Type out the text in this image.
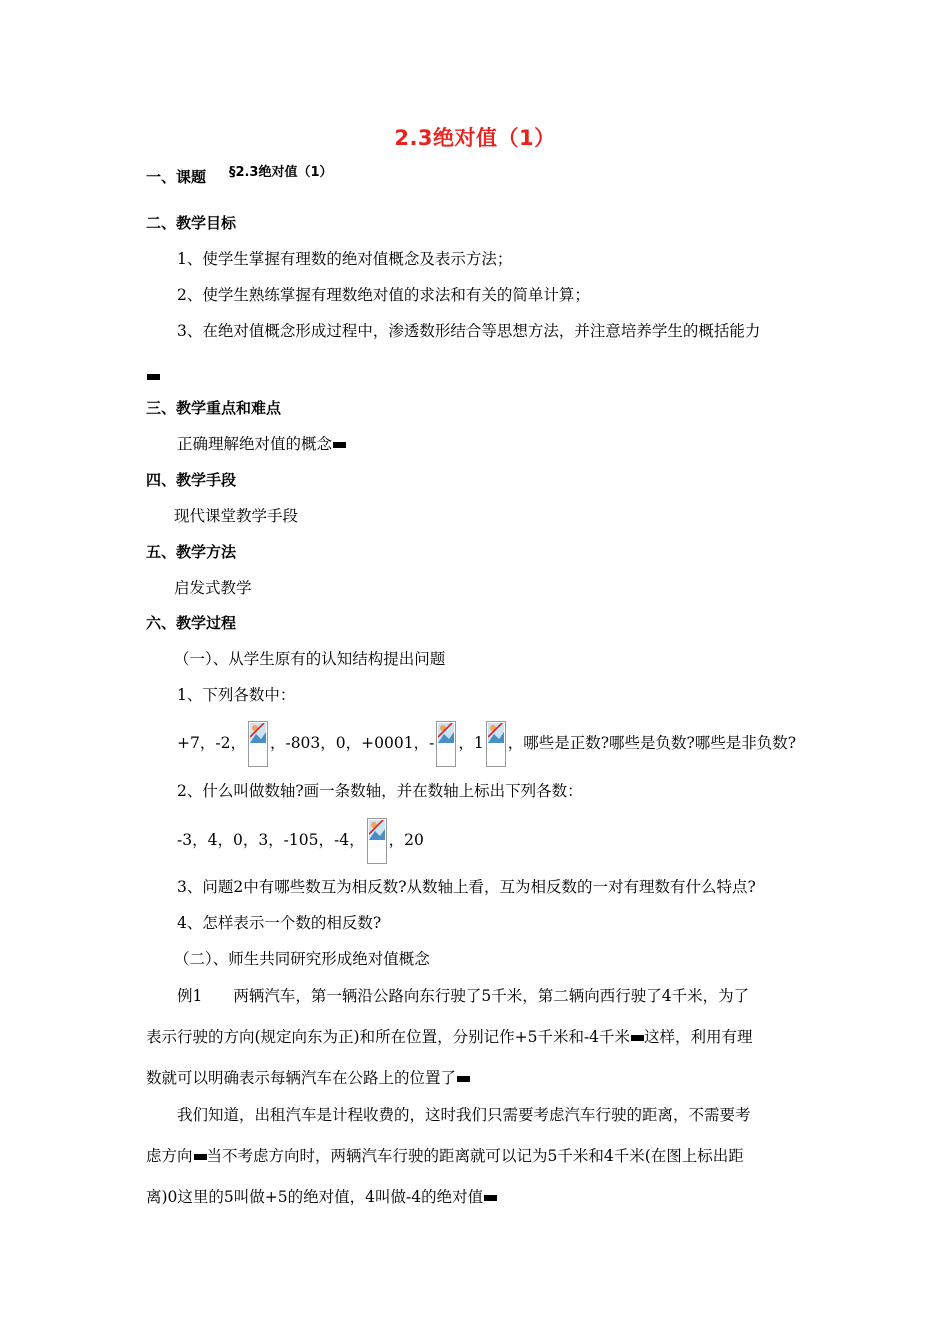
2.3绝对值（1）
一、课题 $^{\S 2.3绝对值(1)}$
二、教学目标
1、使学生掌握有理数的绝对值概念及表示方法；
2、使学生熟练掌握有理数绝对值的求法和有关的简单计算；
3、在绝对值概念形成过程中，渗透数形结合等思想方法，并注意培养学生的概括能力
三、教学重点和难点
正确理解绝对值的概念
四、教学手段
现代课堂教学手段
五、教学方法
启发式教学
六、教学过程
（一）、从学生原有的认知结构提出问题
1、下列各数中：
+7，-2， ，-803，0，+0001，- ，1 ，哪些是正数?哪些是负数?哪些是非负数?
2、什么叫做数轴?画一条数轴，并在数轴上标出下列各数：
-3，4，0，3，-105，-4， ，20
3、问题2中有哪些数互为相反数?从数轴上看，互为相反数的一对有理数有什么特点?
4、怎样表示一个数的相反数?
（二）、师生共同研究形成绝对值概念
例1　　两辆汽车，第一辆沿公路向东行驶了5千米，第二辆向西行驶了4千米，为了
表示行驶的方向(规定向东为正)和所在位置，分别记作+5千米和-4千米 这样，利用有理
数就可以明确表示每辆汽车在公路上的位置了
我们知道，出租汽车是计程收费的，这时我们只需要考虑汽车行驶的距离，不需要考
虑方向 当不考虑方向时，两辆汽车行驶的距离就可以记为5千米和4千米(在图上标出距
离)0这里的5叫做+5的绝对值，4叫做-4的绝对值
